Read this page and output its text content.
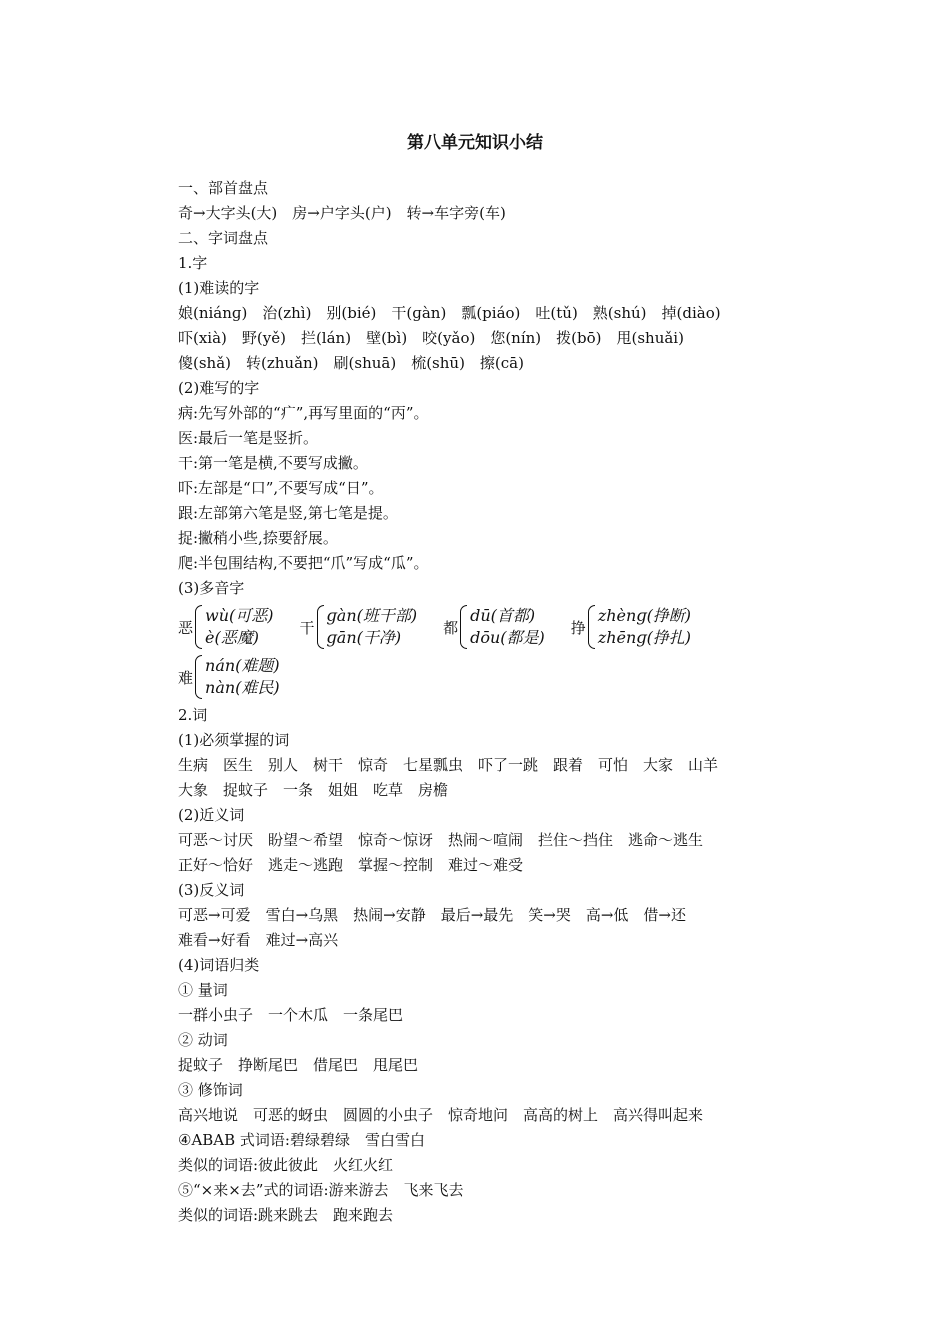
第八单元知识小结
一、部首盘点
奇→大字头(大)　房→户字头(户)　转→车字旁(车)
二、字词盘点
1.字
(1)难读的字
娘(niánɡ)　治(zhì)　别(bié)　干(ɡàn)　瓢(piáo)　吐(tǔ)　熟(shú)　掉(diào)
吓(xià)　野(yě)　拦(lán)　壁(bì)　咬(yǎo)　您(nín)　拨(bō)　甩(shuǎi)
傻(shǎ)　转(zhuǎn)　刷(shuā)　梳(shū)　擦(cā)
(2)难写的字
病:先写外部的“疒”,再写里面的“丙”。
医:最后一笔是竖折。
干:第一笔是横,不要写成撇。
吓:左部是“口”,不要写成“日”。
跟:左部第六笔是竖,第七笔是提。
捉:撇稍小些,捺要舒展。
爬:半包围结构,不要把“爪”写成“瓜”。
(3)多音字
恶
wù(可恶)
è(恶魔)
干
ɡàn(班干部)
ɡān(干净)
都
dū(首都)
dōu(都是)
挣
zhènɡ(挣断)
zhēnɡ(挣扎)
难
nán(难题)
nàn(难民)
2.词
(1)必须掌握的词
生病　医生　别人　树干　惊奇　七星瓢虫　吓了一跳　跟着　可怕　大家　山羊
大象　捉蚊子　一条　姐姐　吃草　房檐
(2)近义词
可恶～讨厌　盼望～希望　惊奇～惊讶　热闹～喧闹　拦住～挡住　逃命～逃生
正好～恰好　逃走～逃跑　掌握～控制　难过～难受
(3)反义词
可恶→可爱　雪白→乌黑　热闹→安静　最后→最先　笑→哭　高→低　借→还
难看→好看　难过→高兴
(4)词语归类
① 量词
一群小虫子　一个木瓜　一条尾巴
② 动词
捉蚊子　挣断尾巴　借尾巴　甩尾巴
③ 修饰词
高兴地说　可恶的蚜虫　圆圆的小虫子　惊奇地问　高高的树上　高兴得叫起来
④ABAB 式词语:碧绿碧绿　雪白雪白
类似的词语:彼此彼此　火红火红
⑤“×来×去”式的词语:游来游去　飞来飞去
类似的词语:跳来跳去　跑来跑去
